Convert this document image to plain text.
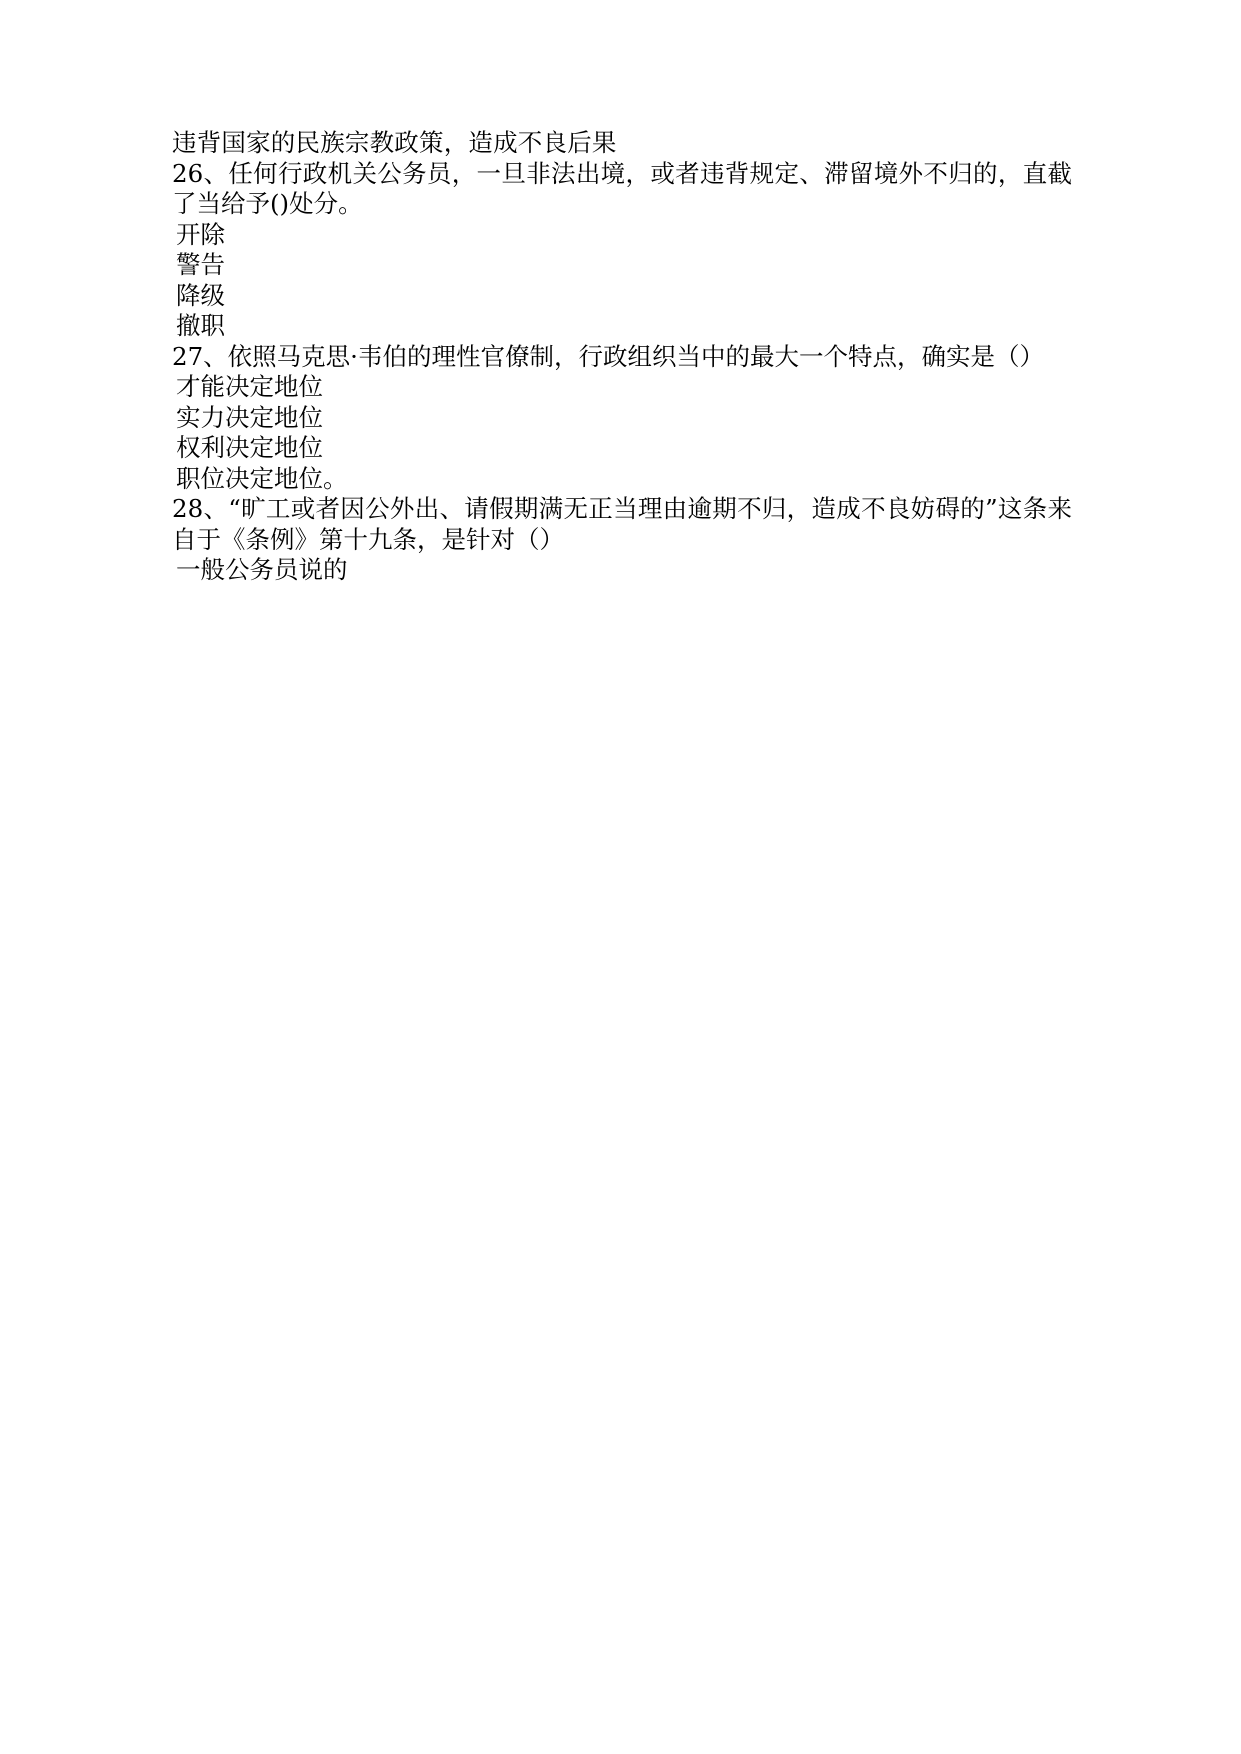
违背国家的民族宗教政策，造成不良后果

26、任何行政机关公务员，一旦非法出境，或者违背规定、滞留境外不归的，直截了当给予()处分。

开除

警告

降级

撤职

27、依照马克思·韦伯的理性官僚制，行政组织当中的最大一个特点，确实是（）

才能决定地位

实力决定地位

权利决定地位

职位决定地位。

28、“旷工或者因公外出、请假期满无正当理由逾期不归，造成不良妨碍的”这条来自于《条例》第十九条，是针对（）

一般公务员说的
